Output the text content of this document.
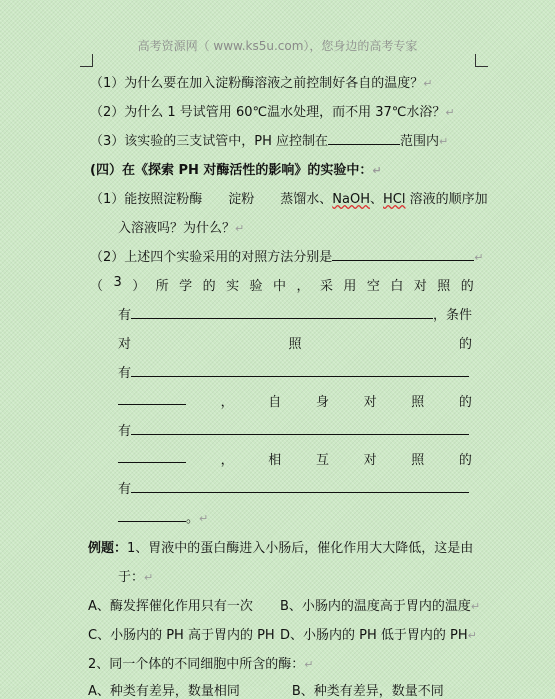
高考资源网（ www.ks5u.com），您身边的高考专家
（1）为什么要在加入淀粉酶溶液之前控制好各自的温度？↵
（2）为什么 1 号试管用 60℃温水处理，而不用 37℃水浴？↵
（3）该实验的三支试管中，PH 应控制在	范围内↵
(四）在《探索 PH 对酶活性的影响》的实验中：↵
（1）能按照淀粉酶　　淀粉　　蒸馏水、NaOH、HCl 溶液的顺序加
入溶液吗？为什么？↵
（2）上述四个实验采用的对照方法分别是	↵
（ 3 ） 所 学 的 实 验 中 ， 采 用 空 白 对 照 的
有	，条件
对	照	的
有
，	自	身	对	照	的
有
，	相	互	对	照	的
有
。↵
例题：1、胃液中的蛋白酶进入小肠后，催化作用大大降低，这是由
于：↵
A、酶发挥催化作用只有一次 B、小肠内的温度高于胃内的温度↵
C、小肠内的 PH 高于胃内的 PH D、小肠内的 PH 低于胃内的 PH↵
2、同一个体的不同细胞中所含的酶：↵
A、种类有差异，数量相同　　　　B、种类有差异，数量不同
